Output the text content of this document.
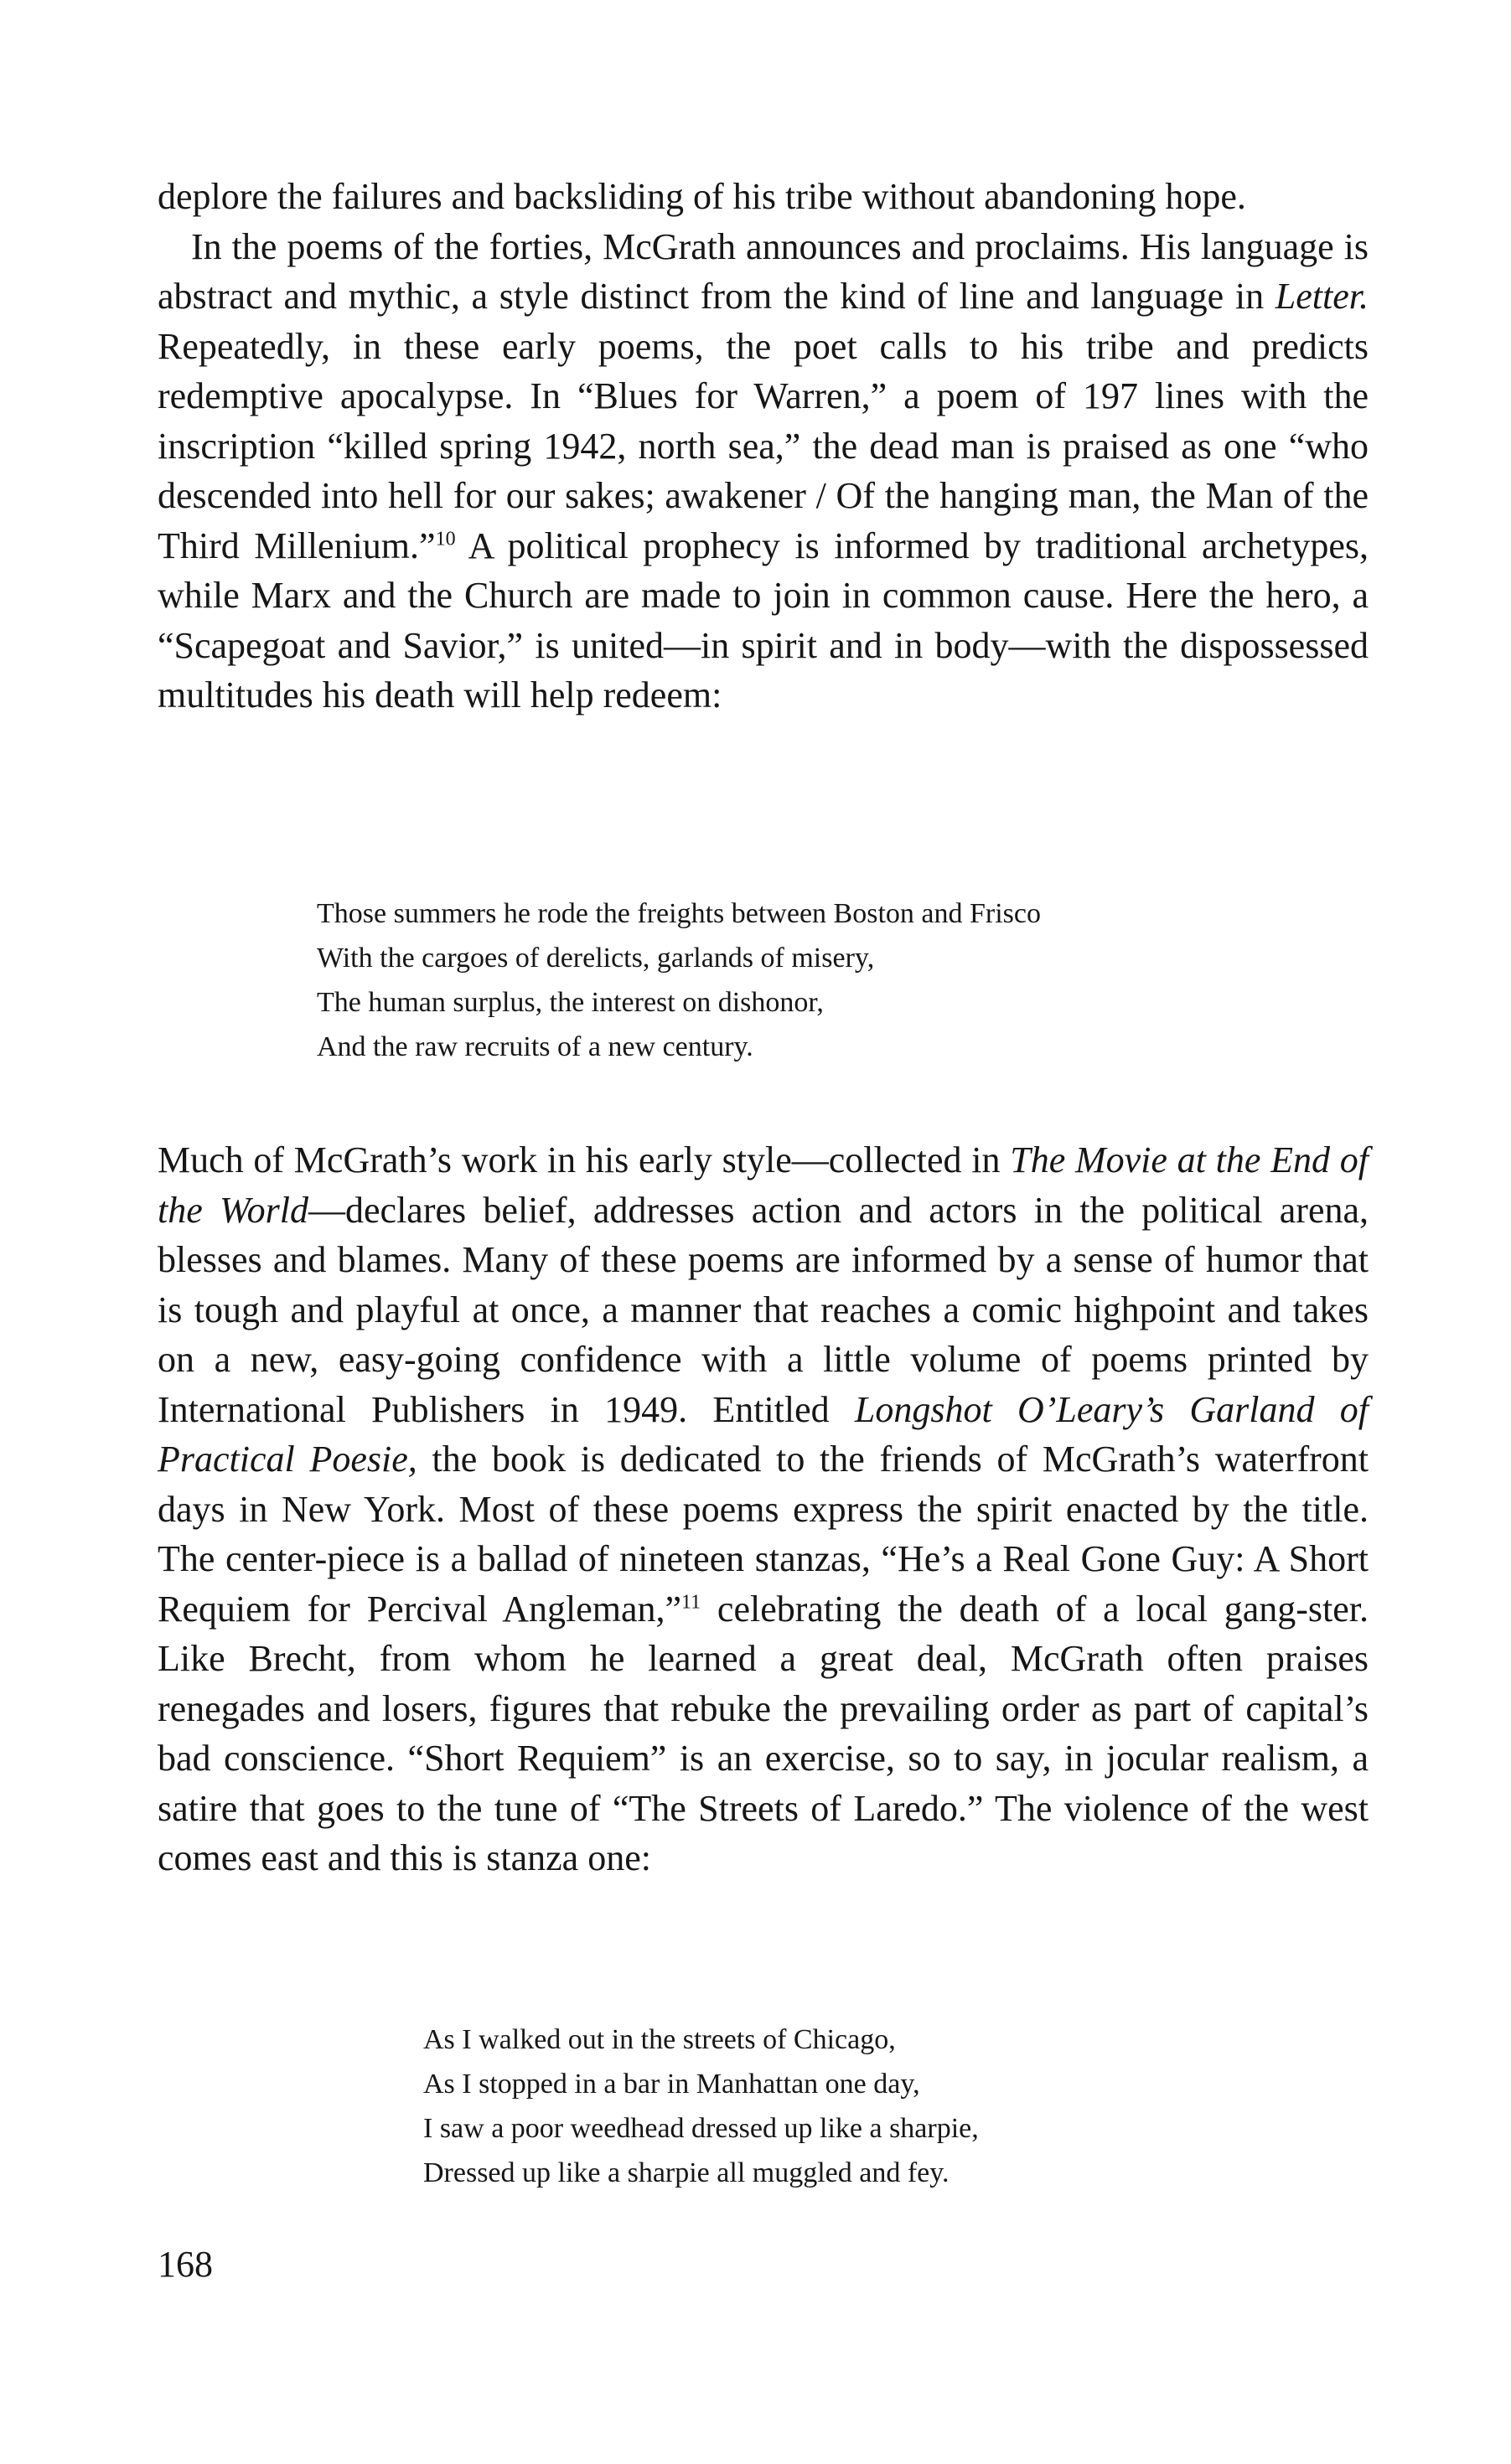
deplore the failures and backsliding of his tribe without abandoning hope.

In the poems of the forties, McGrath announces and proclaims. His language is abstract and mythic, a style distinct from the kind of line and language in Letter. Repeatedly, in these early poems, the poet calls to his tribe and predicts redemptive apocalypse. In “Blues for Warren,” a poem of 197 lines with the inscription “killed spring 1942, north sea,” the dead man is praised as one “who descended into hell for our sakes; awakener / Of the hanging man, the Man of the Third Millenium.”$^{10}$ A political prophecy is informed by traditional archetypes, while Marx and the Church are made to join in common cause. Here the hero, a “Scapegoat and Savior,” is united—in spirit and in body—with the dispossessed multitudes his death will help redeem:

Those summers he rode the freights between Boston and Frisco
With the cargoes of derelicts, garlands of misery,
The human surplus, the interest on dishonor,
And the raw recruits of a new century.

Much of McGrath’s work in his early style—collected in The Movie at the End of the World—declares belief, addresses action and actors in the political arena, blesses and blames. Many of these poems are informed by a sense of humor that is tough and playful at once, a manner that reaches a comic highpoint and takes on a new, easy-going confidence with a little volume of poems printed by International Publishers in 1949. Entitled Longshot O’Leary’s Garland of Practical Poesie, the book is dedicated to the friends of McGrath’s waterfront days in New York. Most of these poems express the spirit enacted by the title. The center-piece is a ballad of nineteen stanzas, “He’s a Real Gone Guy: A Short Requiem for Percival Angleman,”$^{11}$ celebrating the death of a local gang-ster. Like Brecht, from whom he learned a great deal, McGrath often praises renegades and losers, figures that rebuke the prevailing order as part of capital’s bad conscience. “Short Requiem” is an exercise, so to say, in jocular realism, a satire that goes to the tune of “The Streets of Laredo.” The violence of the west comes east and this is stanza one:

As I walked out in the streets of Chicago,
As I stopped in a bar in Manhattan one day,
I saw a poor weedhead dressed up like a sharpie,
Dressed up like a sharpie all muggled and fey.
168
